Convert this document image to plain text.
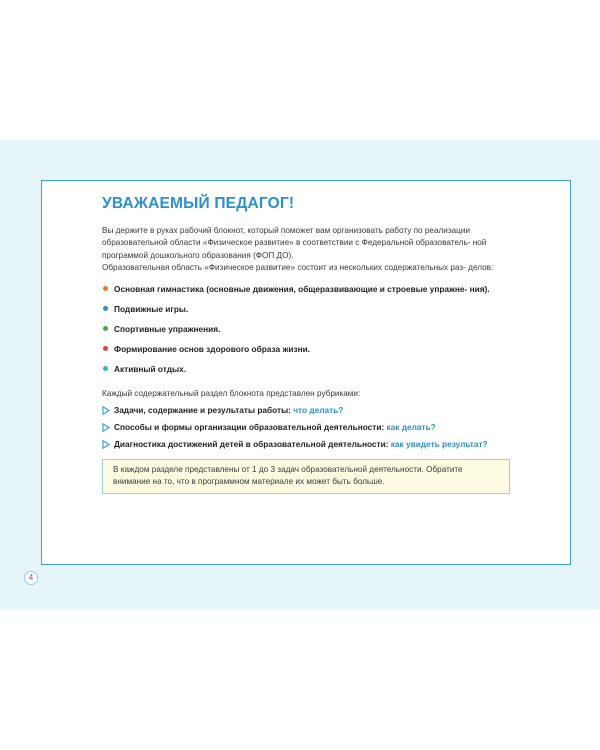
УВАЖАЕМЫЙ ПЕДАГОГ!
Вы держите в руках рабочий блокнот, который поможет вам организовать работу по реализации образовательной области «Физическое развитие» в соответствии с Федеральной образователь- ной программой дошкольного образования (ФОП ДО).
Образовательная область «Физическое развитие» состоит из нескольких содержательных раз- делов:
Основная гимнастика (основные движения, общеразвивающие и строевые упражне- ния).
Подвижные игры.
Спортивные упражнения.
Формирование основ здорового образа жизни.
Активный отдых.
Каждый содержательный раздел блокнота представлен рубриками:
Задачи, содержание и результаты работы: что делать?
Способы и формы организации образовательной деятельности: как делать?
Диагностика достижений детей в образовательной деятельности: как увидеть результат?
В каждом разделе представлены от 1 до 3 задач образовательной деятельности. Обратите внимание на то, что в программном материале их может быть больше.
4
